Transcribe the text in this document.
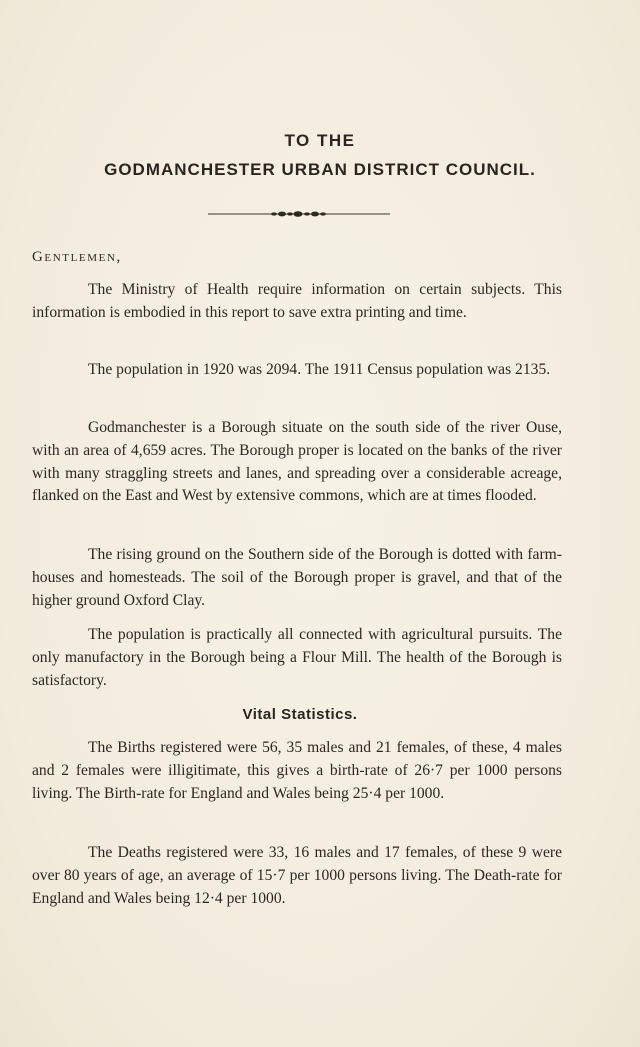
TO THE
GODMANCHESTER URBAN DISTRICT COUNCIL.
Gentlemen,

The Ministry of Health require information on certain subjects. This information is embodied in this report to save extra printing and time.

The population in 1920 was 2094. The 1911 Census population was 2135.

Godmanchester is a Borough situate on the south side of the river Ouse, with an area of 4,659 acres. The Borough proper is located on the banks of the river with many straggling streets and lanes, and spreading over a considerable acreage, flanked on the East and West by extensive commons, which are at times flooded.

The rising ground on the Southern side of the Borough is dotted with farm-houses and homesteads. The soil of the Borough proper is gravel, and that of the higher ground Oxford Clay.

The population is practically all connected with agricultural pursuits. The only manufactory in the Borough being a Flour Mill. The health of the Borough is satisfactory.

Vital Statistics.

The Births registered were 56, 35 males and 21 females, of these, 4 males and 2 females were illigitimate, this gives a birth-rate of 26·7 per 1000 persons living. The Birth-rate for England and Wales being 25·4 per 1000.

The Deaths registered were 33, 16 males and 17 females, of these 9 were over 80 years of age, an average of 15·7 per 1000 persons living. The Death-rate for England and Wales being 12·4 per 1000.
